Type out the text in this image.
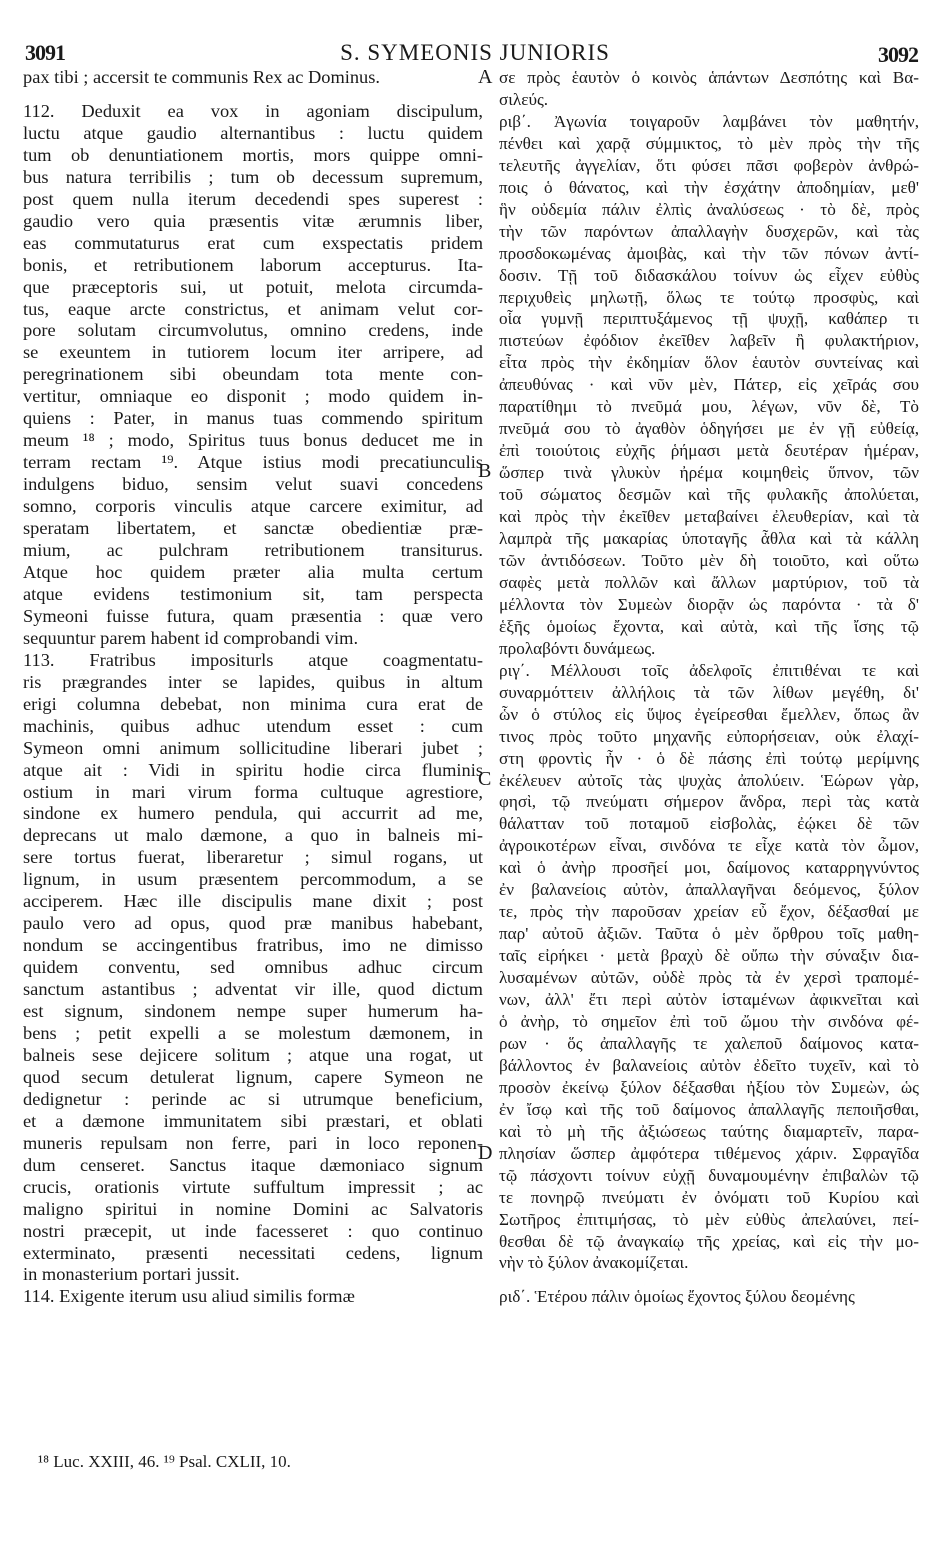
3091	S. SYMEONIS JUNIORIS	3092
pax tibi ; accersit te communis Rex ac Dominus.
112. Deduxit ea vox in agoniam discipulum,
luctu atque gaudio alternantibus : luctu quidem
tum ob denuntiationem mortis, mors quippe omni-
bus natura terribilis ; tum ob decessum supremum,
post quem nulla iterum decedendi spes superest :
gaudio vero quia præsentis vitæ ærumnis liber,
eas commutaturus erat cum exspectatis pridem
bonis, et retributionem laborum accepturus. Ita-
que præceptoris sui, ut potuit, melota circumda-
tus, eaque arcte constrictus, et animam velut cor-
pore solutam circumvolutus, omnino credens, inde
se exeuntem in tutiorem locum iter arripere, ad
peregrinationem sibi obeundam tota mente con-
vertitur, omniaque eo disponit ; modo quidem in-
quiens : Pater, in manus tuas commendo spiritum
meum ¹⁸ ; modo, Spiritus tuus bonus deducet me in
terram rectam ¹⁹. Atque istius modi precatiunculis
indulgens biduo, sensim velut suavi concedens
somno, corporis vinculis atque carcere eximitur, ad
speratam libertatem, et sanctæ obedientiæ præ-
mium, ac pulchram retributionem transiturus.
Atque hoc quidem præter alia multa certum
atque evidens testimonium sit, tam perspecta
Symeoni fuisse futura, quam præsentia : quæ vero
sequuntur parem habent id comprobandi vim.
113. Fratribus impositurls atque coagmentatu-
ris prægrandes inter se lapides, quibus in altum
erigi columna debebat, non minima cura erat de
machinis, quibus adhuc utendum esset : cum
Symeon omni animum sollicitudine liberari jubet ;
atque ait : Vidi in spiritu hodie circa fluminis
ostium in mari virum forma cultuque agrestiore,
sindone ex humero pendula, qui accurrit ad me,
deprecans ut malo dæmone, a quo in balneis mi-
sere tortus fuerat, liberaretur ; simul rogans, ut
lignum, in usum præsentem percommodum, a se
acciperem. Hæc ille discipulis mane dixit ; post
paulo vero ad opus, quod præ manibus habebant,
nondum se accingentibus fratribus, imo ne dimisso
quidem conventu, sed omnibus adhuc circum
sanctum astantibus ; adventat vir ille, quod dictum
est signum, sindonem nempe super humerum ha-
bens ; petit expelli a se molestum dæmonem, in
balneis sese dejicere solitum ; atque una rogat, ut
quod secum detulerat lignum, capere Symeon ne
dedignetur : perinde ac si utrumque beneficium,
et a dæmone immunitatem sibi præstari, et oblati
muneris repulsam non ferre, pari in loco reponen-
dum censeret. Sanctus itaque dæmoniaco signum
crucis, orationis virtute suffultum impressit ; ac
maligno spiritui in nomine Domini ac Salvatoris
nostri præcepit, ut inde facesseret : quo continuo
exterminato, præsenti necessitati cedens, lignum
in monasterium portari jussit.
114. Exigente iterum usu aliud similis formæ
σε πρὸς ἑαυτὸν ὁ κοινὸς ἁπάντων Δεσπότης καὶ Βα-
σιλεύς.
ριβ΄. Ἀγωνία τοιγαροῦν λαμβάνει τὸν μαθητήν,
πένθει καὶ χαρᾷ σύμμικτος, τὸ μὲν πρὸς τὴν τῆς
τελευτῆς ἀγγελίαν, ὅτι φύσει πᾶσι φοβερὸν ἀνθρώ-
ποις ὁ θάνατος, καὶ τὴν ἐσχάτην ἀποδημίαν, μεθ'
ἣν οὐδεμία πάλιν ἐλπὶς ἀναλύσεως · τὸ δὲ, πρὸς
τὴν τῶν παρόντων ἀπαλλαγὴν δυσχερῶν, καὶ τὰς
προσδοκωμένας ἀμοιβὰς, καὶ τὴν τῶν πόνων ἀντί-
δοσιν. Τῇ τοῦ διδασκάλου τοίνυν ὡς εἶχεν εὐθὺς
περιχυθεὶς μηλωτῇ, ὅλως τε τούτῳ προσφὺς, καὶ
οἷα γυμνῇ περιπτυξάμενος τῇ ψυχῇ, καθάπερ τι
πιστεύων ἐφόδιον ἐκεῖθεν λαβεῖν ἢ φυλακτήριον,
εἶτα πρὸς τὴν ἐκδημίαν ὅλον ἑαυτὸν συντείνας καὶ
ἀπευθύνας · καὶ νῦν μὲν, Πάτερ, εἰς χεῖράς σου
παρατίθημι τὸ πνεῦμά μου, λέγων, νῦν δὲ, Τὸ
πνεῦμά σου τὸ ἀγαθὸν ὁδηγήσει με ἐν γῇ εὐθείᾳ,
ἐπὶ τοιούτοις εὐχῆς ῥήμασι μετὰ δευτέραν ἡμέραν,
ὥσπερ τινὰ γλυκὺν ἠρέμα κοιμηθεὶς ὕπνον, τῶν
τοῦ σώματος δεσμῶν καὶ τῆς φυλακῆς ἀπολύεται,
καὶ πρὸς τὴν ἐκεῖθεν μεταβαίνει ἐλευθερίαν, καὶ τὰ
λαμπρὰ τῆς μακαρίας ὑποταγῆς ἆθλα καὶ τὰ κάλλη
τῶν ἀντιδόσεων. Τοῦτο μὲν δὴ τοιοῦτο, καὶ οὕτω
σαφὲς μετὰ πολλῶν καὶ ἄλλων μαρτύριον, τοῦ τὰ
μέλλοντα τὸν Συμεὼν διορᾷν ὡς παρόντα · τὰ δ'
ἑξῆς ὁμοίως ἔχοντα, καὶ αὐτὰ, καὶ τῆς ἴσης τῷ
προλαβόντι δυνάμεως.
ριγ΄. Μέλλουσι τοῖς ἀδελφοῖς ἐπιτιθέναι τε καὶ
συναρμόττειν ἀλλήλοις τὰ τῶν λίθων μεγέθη, δι'
ὧν ὁ στύλος εἰς ὕψος ἐγείρεσθαι ἔμελλεν, ὅπως ἂν
τινος πρὸς τοῦτο μηχανῆς εὐπορήσειαν, οὐκ ἐλαχί-
στη φροντὶς ἦν · ὁ δὲ πάσης ἐπὶ τούτῳ μερίμνης
ἐκέλευεν αὐτοῖς τὰς ψυχὰς ἀπολύειν. Ἑώρων γὰρ,
φησὶ, τῷ πνεύματι σήμερον ἄνδρα, περὶ τὰς κατὰ
θάλατταν τοῦ ποταμοῦ εἰσβολὰς, ἐῴκει δὲ τῶν
ἀγροικοτέρων εἶναι, σινδόνα τε εἶχε κατὰ τὸν ὦμον,
καὶ ὁ ἀνὴρ προσῆεί μοι, δαίμονος καταρρηγνύντος
ἐν βαλανείοις αὐτὸν, ἀπαλλαγῆναι δεόμενος, ξύλον
τε, πρὸς τὴν παροῦσαν χρείαν εὖ ἔχον, δέξασθαί με
παρ' αὐτοῦ ἀξιῶν. Ταῦτα ὁ μὲν ὄρθρου τοῖς μαθη-
ταῖς εἰρήκει · μετὰ βραχὺ δὲ οὔπω τὴν σύναξιν δια-
λυσαμένων αὐτῶν, οὐδὲ πρὸς τὰ ἐν χερσὶ τραπομέ-
νων, ἀλλ' ἔτι περὶ αὐτὸν ἱσταμένων ἀφικνεῖται καὶ
ὁ ἀνὴρ, τὸ σημεῖον ἐπὶ τοῦ ὤμου τὴν σινδόνα φέ-
ρων · ὅς ἀπαλλαγῆς τε χαλεποῦ δαίμονος κατα-
βάλλοντος ἐν βαλανείοις αὐτὸν ἐδεῖτο τυχεῖν, καὶ τὸ
προσὸν ἐκείνῳ ξύλον δέξασθαι ἠξίου τὸν Συμεὼν, ὡς
ἐν ἴσῳ καὶ τῆς τοῦ δαίμονος ἀπαλλαγῆς πεποιῆσθαι,
καὶ τὸ μὴ τῆς ἀξιώσεως ταύτης διαμαρτεῖν, παρα-
πλησίαν ὥσπερ ἀμφότερα τιθέμενος χάριν. Σφραγῖδα
τῷ πάσχοντι τοίνυν εὐχῇ δυναμουμένην ἐπιβαλὼν τῷ
τε πονηρῷ πνεύματι ἐν ὀνόματι τοῦ Κυρίου καὶ
Σωτῆρος ἐπιτιμήσας, τὸ μὲν εὐθὺς ἀπελαύνει, πεί-
θεσθαι δὲ τῷ ἀναγκαίῳ τῆς χρείας, καὶ εἰς τὴν μο-
νὴν τὸ ξύλον ἀνακομίζεται.
ριδ΄. Ἑτέρου πάλιν ὁμοίως ἔχοντος ξύλου δεομένης
A
B
C
D
¹⁸ Luc. XXIII, 46. ¹⁹ Psal. CXLII, 10.
